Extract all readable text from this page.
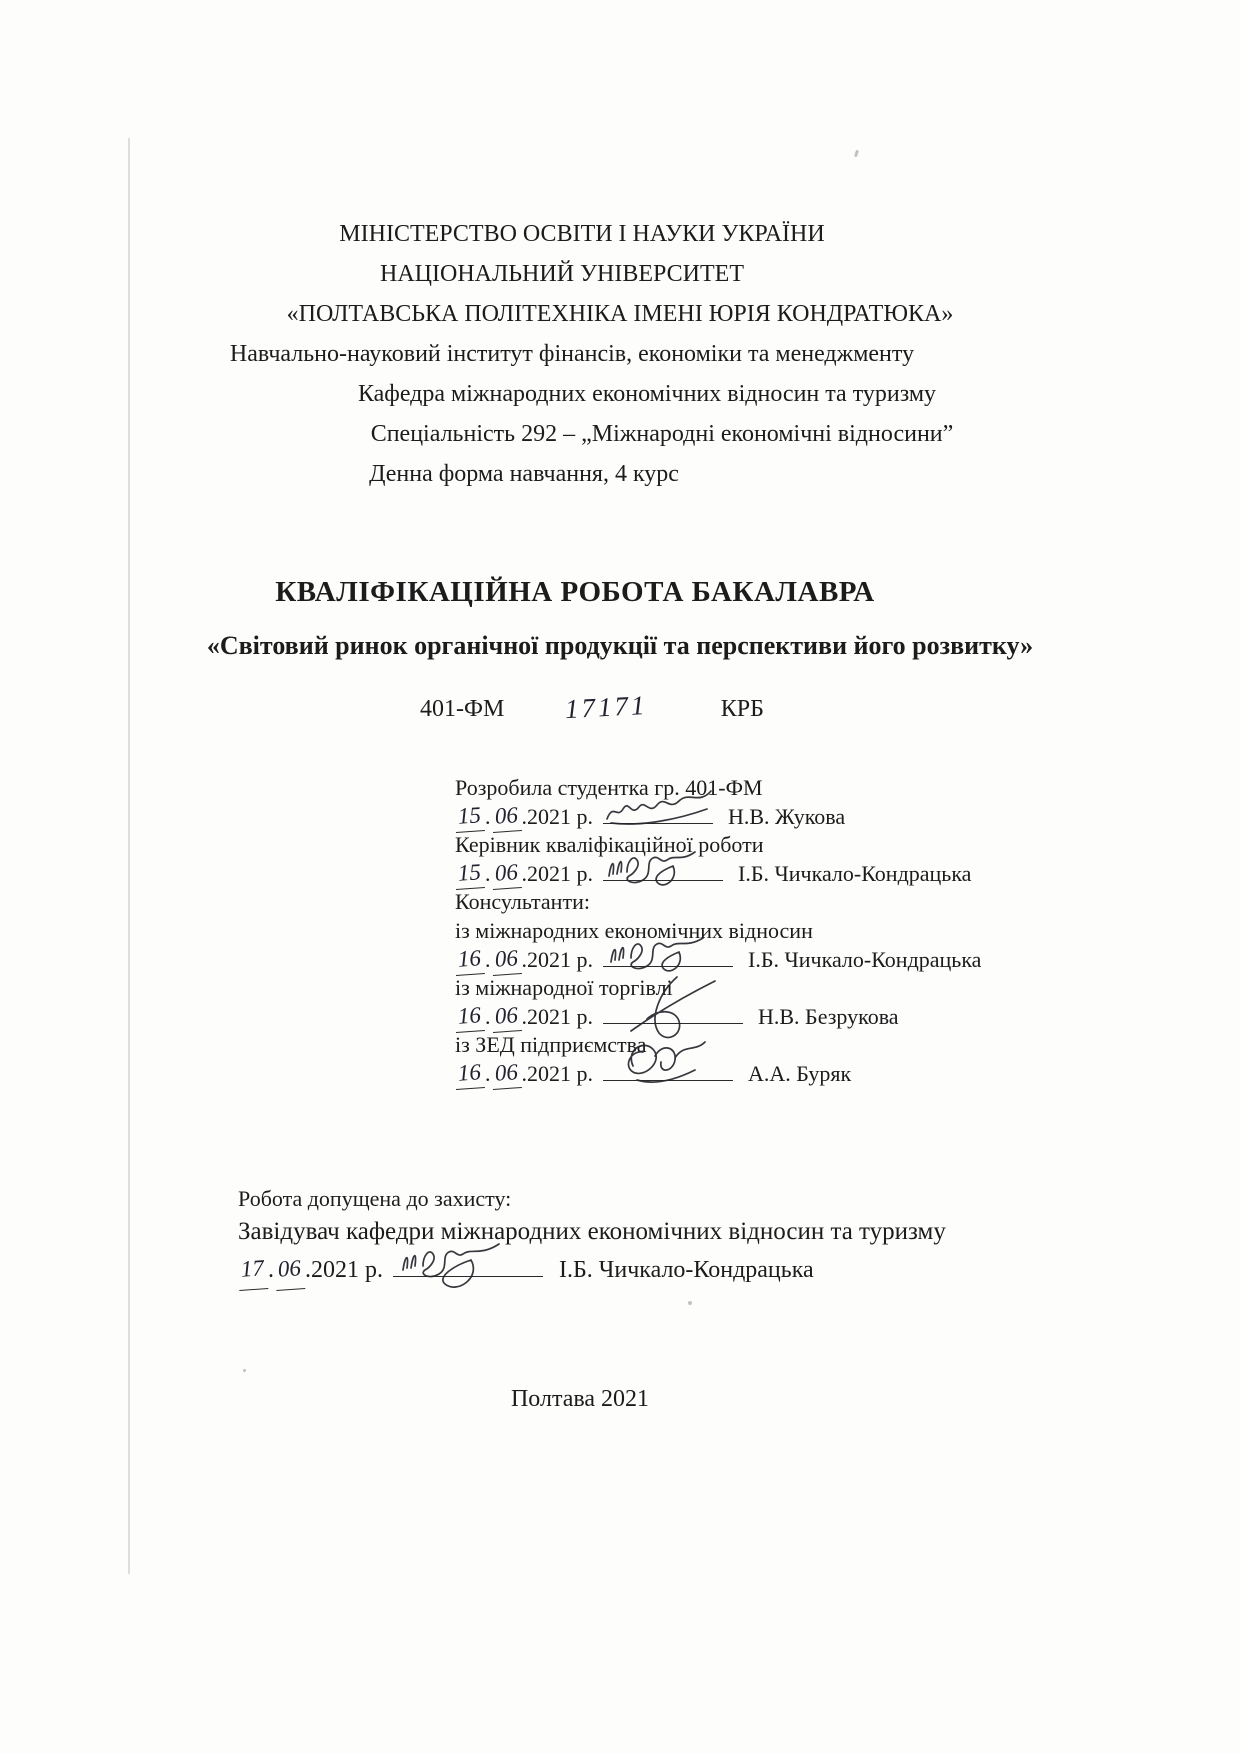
МІНІСТЕРСТВО ОСВІТИ І НАУКИ УКРАЇНИ
НАЦІОНАЛЬНИЙ УНІВЕРСИТЕТ
«ПОЛТАВСЬКА ПОЛІТЕХНІКА ІМЕНІ ЮРІЯ КОНДРАТЮКА»
Навчально-науковий інститут фінансів, економіки та менеджменту
Кафедра міжнародних економічних відносин та туризму
Спеціальність 292 – „Міжнародні економічні відносини”
Денна форма навчання, 4 курс
КВАЛІФІКАЦІЙНА РОБОТА БАКАЛАВРА
«Світовий ринок органічної продукції та перспективи його розвитку»
401-ФМ 17171	КРБ
Розробила студентка гр. 401-ФМ
15 . 06 .2021 р.	Н.В. Жукова
Керівник кваліфікаційної роботи
15 . 06 .2021 р.	І.Б. Чичкало-Кондрацька
Консультанти:
із міжнародних економічних відносин
16 . 06 .2021 р.	І.Б. Чичкало-Кондрацька
із міжнародної торгівлі
16 . 06 .2021 р.	Н.В. Безрукова
із ЗЕД підприємства
16 . 06 .2021 р.	А.А. Буряк
Робота допущена до захисту:
Завідувач кафедри міжнародних економічних відносин та туризму
17 . 06 .2021 р.	І.Б. Чичкало-Кондрацька
Полтава 2021
